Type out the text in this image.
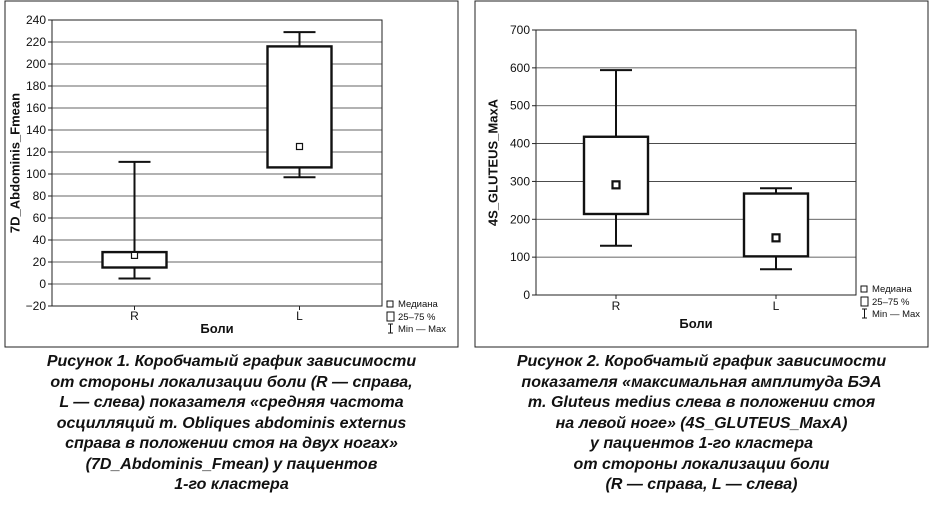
−20
0
20
40
60
80
100
120
140
160
180
200
220
240
R	L
Боли
7D_Abdominis_Fmean
Медиана
25–75 %
Min — Max
0
100
200
300
400
500
600
700
R	L
Боли
4S_GLUTEUS_MaxA
Медиана
25–75 %
Min — Max
Рисунок 1. Коробчатый график зависимости
от стороны локализации боли (R — справа,
L — слева) показателя «средняя частота
осцилляций m. Obliques abdominis externus
справа в положении стоя на двух ногах»
(7D_Abdominis_Fmean) у пациентов
1-го кластера
Рисунок 2. Коробчатый график зависимости
показателя «максимальная амплитуда БЭА
m. Gluteus medius слева в положении стоя
на левой ноге» (4S_GLUTEUS_MaxA)
у пациентов 1-го кластера
от стороны локализации боли
(R — справа, L — слева)
